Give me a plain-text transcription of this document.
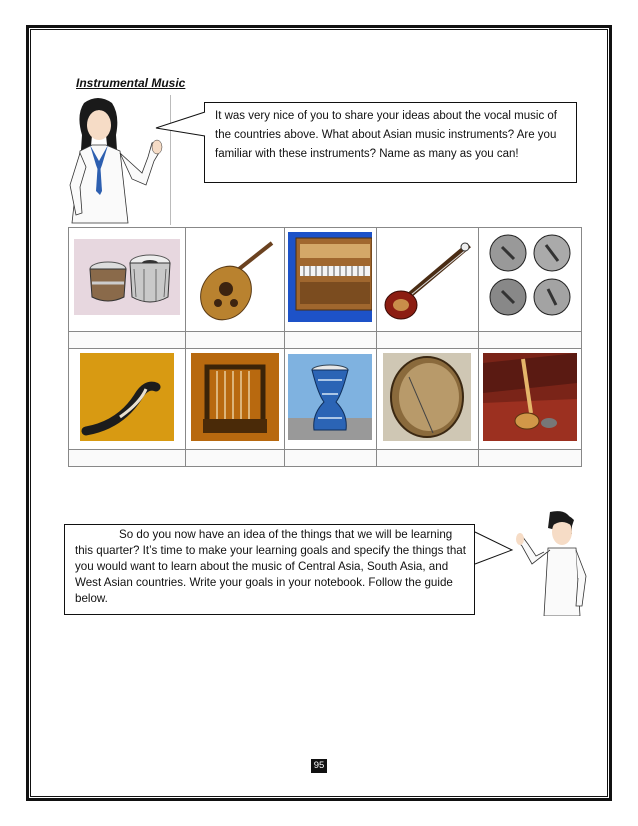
Instrumental Music
It was very nice of you to share your ideas about the vocal music of the countries above. What about Asian music instruments? Are you familiar with these instruments? Name as many as you can!

So do you now have an idea of the things that we will be learning this quarter? It’s time to make your learning goals and specify the things that you would want to learn about the music of Central Asia, South Asia, and West Asian countries. Write your goals in your notebook. Follow the guide below.
95
